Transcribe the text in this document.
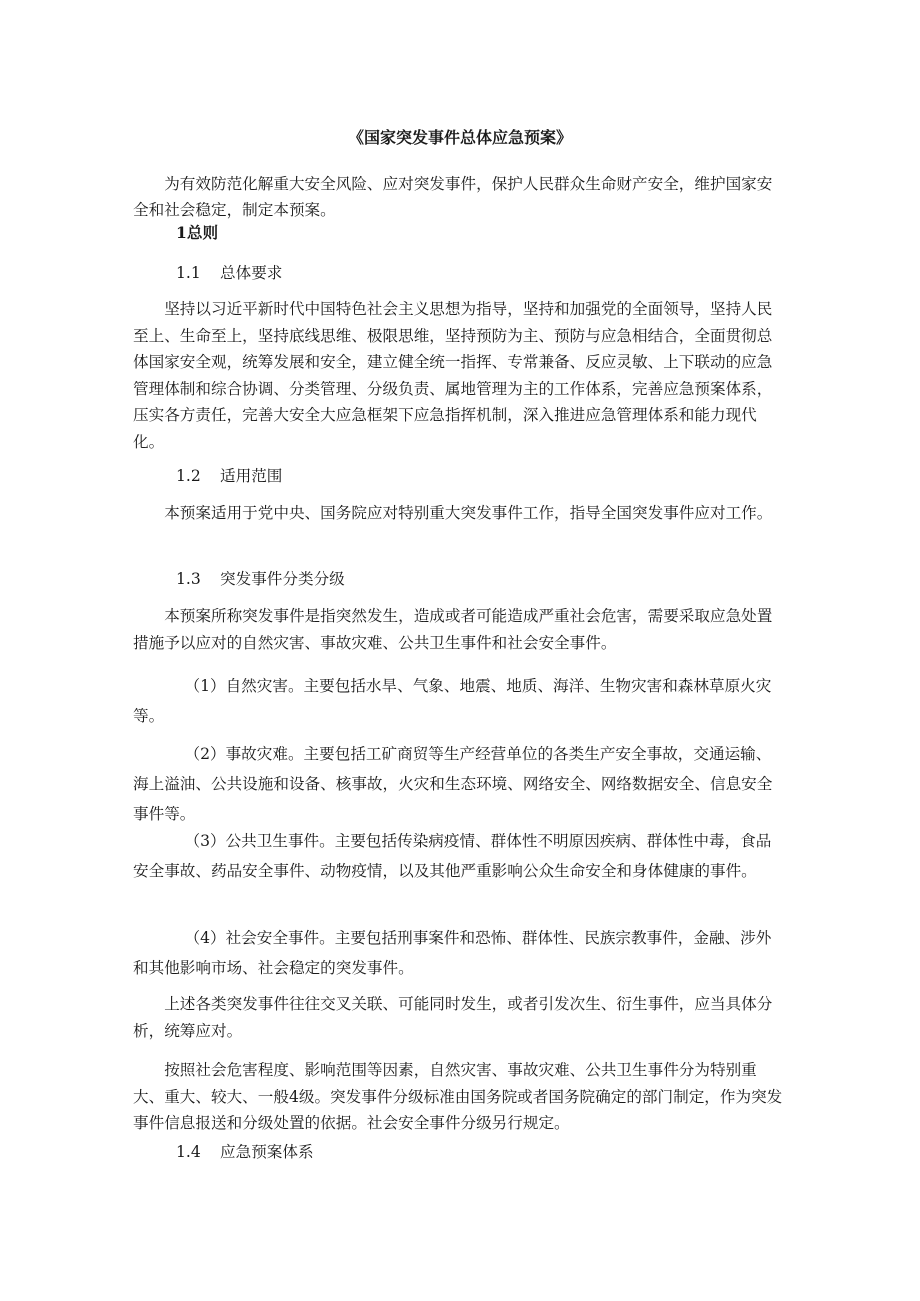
《国家突发事件总体应急预案》

为有效防范化解重大安全风险、应对突发事件，保护人民群众生命财产安全，维护国家安全和社会稳定，制定本预案。

1总则
1.1 总体要求

坚持以习近平新时代中国特色社会主义思想为指导，坚持和加强党的全面领导，坚持人民至上、生命至上，坚持底线思维、极限思维，坚持预防为主、预防与应急相结合，全面贯彻总体国家安全观，统筹发展和安全，建立健全统一指挥、专常兼备、反应灵敏、上下联动的应急管理体制和综合协调、分类管理、分级负责、属地管理为主的工作体系，完善应急预案体系，压实各方责任，完善大安全大应急框架下应急指挥机制，深入推进应急管理体系和能力现代化。

1.2 适用范围

本预案适用于党中央、国务院应对特别重大突发事件工作，指导全国突发事件应对工作。

1.3 突发事件分类分级

本预案所称突发事件是指突然发生，造成或者可能造成严重社会危害，需要采取应急处置措施予以应对的自然灾害、事故灾难、公共卫生事件和社会安全事件。

（1）自然灾害。主要包括水旱、气象、地震、地质、海洋、生物灾害和森林草原火灾等。

（2）事故灾难。主要包括工矿商贸等生产经营单位的各类生产安全事故，交通运输、海上溢油、公共设施和设备、核事故，火灾和生态环境、网络安全、网络数据安全、信息安全事件等。

（3）公共卫生事件。主要包括传染病疫情、群体性不明原因疾病、群体性中毒，食品安全事故、药品安全事件、动物疫情，以及其他严重影响公众生命安全和身体健康的事件。

（4）社会安全事件。主要包括刑事案件和恐怖、群体性、民族宗教事件，金融、涉外和其他影响市场、社会稳定的突发事件。

上述各类突发事件往往交叉关联、可能同时发生，或者引发次生、衍生事件，应当具体分析，统筹应对。

按照社会危害程度、影响范围等因素，自然灾害、事故灾难、公共卫生事件分为特别重大、重大、较大、一般4级。突发事件分级标准由国务院或者国务院确定的部门制定，作为突发事件信息报送和分级处置的依据。社会安全事件分级另行规定。

1.4 应急预案体系
